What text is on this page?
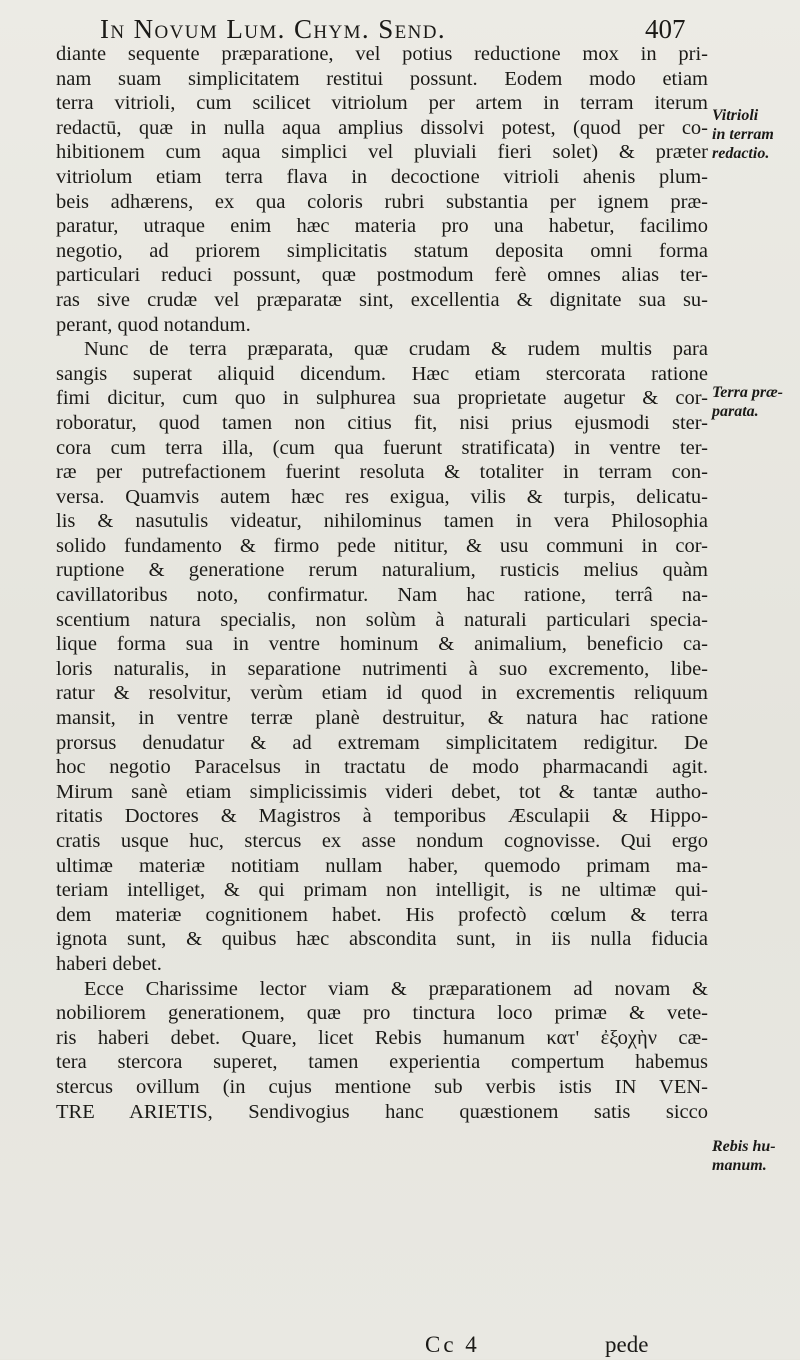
In Novum Lum. Chym. Send.	407
diante sequente præparatione, vel potius reductione mox in pri-
nam suam simplicitatem restitui possunt. Eodem modo etiam
terra vitrioli, cum scilicet vitriolum per artem in terram iterum
redactū, quæ in nulla aqua amplius dissolvi potest, (quod per co-
hibitionem cum aqua simplici vel pluviali fieri solet) & præter
vitriolum etiam terra flava in decoctione vitrioli ahenis plum-
beis adhærens, ex qua coloris rubri substantia per ignem præ-
paratur, utraque enim hæc materia pro una habetur, facilimo
negotio, ad priorem simplicitatis statum deposita omni forma
particulari reduci possunt, quæ postmodum ferè omnes alias ter-
ras sive crudæ vel præparatæ sint, excellentia & dignitate sua su-
perant, quod notandum.
Nunc de terra præparata, quæ crudam & rudem multis para
sangis superat aliquid dicendum. Hæc etiam stercorata ratione
fimi dicitur, cum quo in sulphurea sua proprietate augetur & cor-
roboratur, quod tamen non citius fit, nisi prius ejusmodi ster-
cora cum terra illa, (cum qua fuerunt stratificata) in ventre ter-
ræ per putrefactionem fuerint resoluta & totaliter in terram con-
versa. Quamvis autem hæc res exigua, vilis & turpis, delicatu-
lis & nasutulis videatur, nihilominus tamen in vera Philosophia
solido fundamento & firmo pede nititur, & usu communi in cor-
ruptione & generatione rerum naturalium, rusticis melius quàm
cavillatoribus noto, confirmatur. Nam hac ratione, terrâ na-
scentium natura specialis, non solùm à naturali particulari specia-
lique forma sua in ventre hominum & animalium, beneficio ca-
loris naturalis, in separatione nutrimenti à suo excremento, libe-
ratur & resolvitur, verùm etiam id quod in excrementis reliquum
mansit, in ventre terræ planè destruitur, & natura hac ratione
prorsus denudatur & ad extremam simplicitatem redigitur. De
hoc negotio Paracelsus in tractatu de modo pharmacandi agit.
Mirum sanè etiam simplicissimis videri debet, tot & tantæ autho-
ritatis Doctores & Magistros à temporibus Æsculapii & Hippo-
cratis usque huc, stercus ex asse nondum cognovisse. Qui ergo
ultimæ materiæ notitiam nullam haber, quemodo primam ma-
teriam intelliget, & qui primam non intelligit, is ne ultimæ qui-
dem materiæ cognitionem habet. His profectò cœlum & terra
ignota sunt, & quibus hæc abscondita sunt, in iis nulla fiducia
haberi debet.
Ecce Charissime lector viam & præparationem ad novam &
nobiliorem generationem, quæ pro tinctura loco primæ & vete-
ris haberi debet. Quare, licet Rebis humanum κατ' ἐξοχὴν cæ-
tera stercora superet, tamen experientia compertum habemus
stercus ovillum (in cujus mentione sub verbis istis IN VEN-
TRE ARIETIS, Sendivogius hanc quæstionem satis sicco
Vitrioli
in terram
redactio.
Terra præ-
parata.
Rebis hu-
manum.
Cc 4	pede
